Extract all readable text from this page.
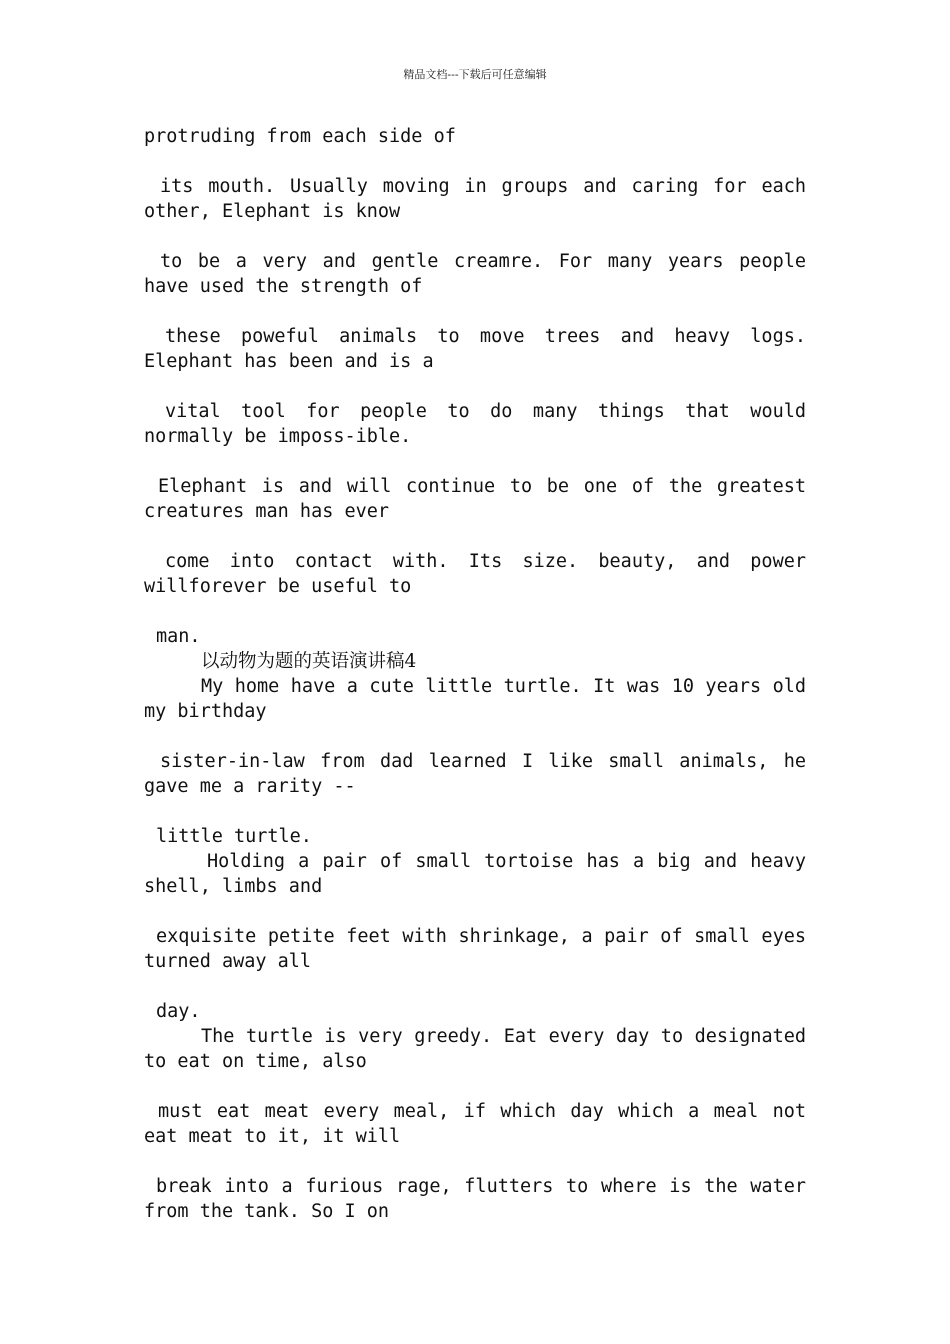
精品文档---下载后可任意编辑

protruding from each side of

its mouth. Usually moving in groups and caring for each other, Elephant is know

to be a very and gentle creamre. For many years people have used the strength of

these poweful animals to move trees and heavy logs. Elephant has been and is a

vital tool for people to do many things that would normally be imposs-ible.

Elephant is and will continue to be one of the greatest creatures man has ever

come into contact with. Its size. beauty, and power willforever be useful to

man.

以动物为题的英语演讲稿4

My home have a cute little turtle. It was 10 years old my birthday

sister-in-law from dad learned I like small animals, he gave me a rarity --

little turtle.

Holding a pair of small tortoise has a big and heavy shell, limbs and

exquisite petite feet with shrinkage, a pair of small eyes turned away all

day.

The turtle is very greedy. Eat every day to designated to eat on time, also

must eat meat every meal, if which day which a meal not eat meat to it, it will

break into a furious rage, flutters to where is the water from the tank. So I on
